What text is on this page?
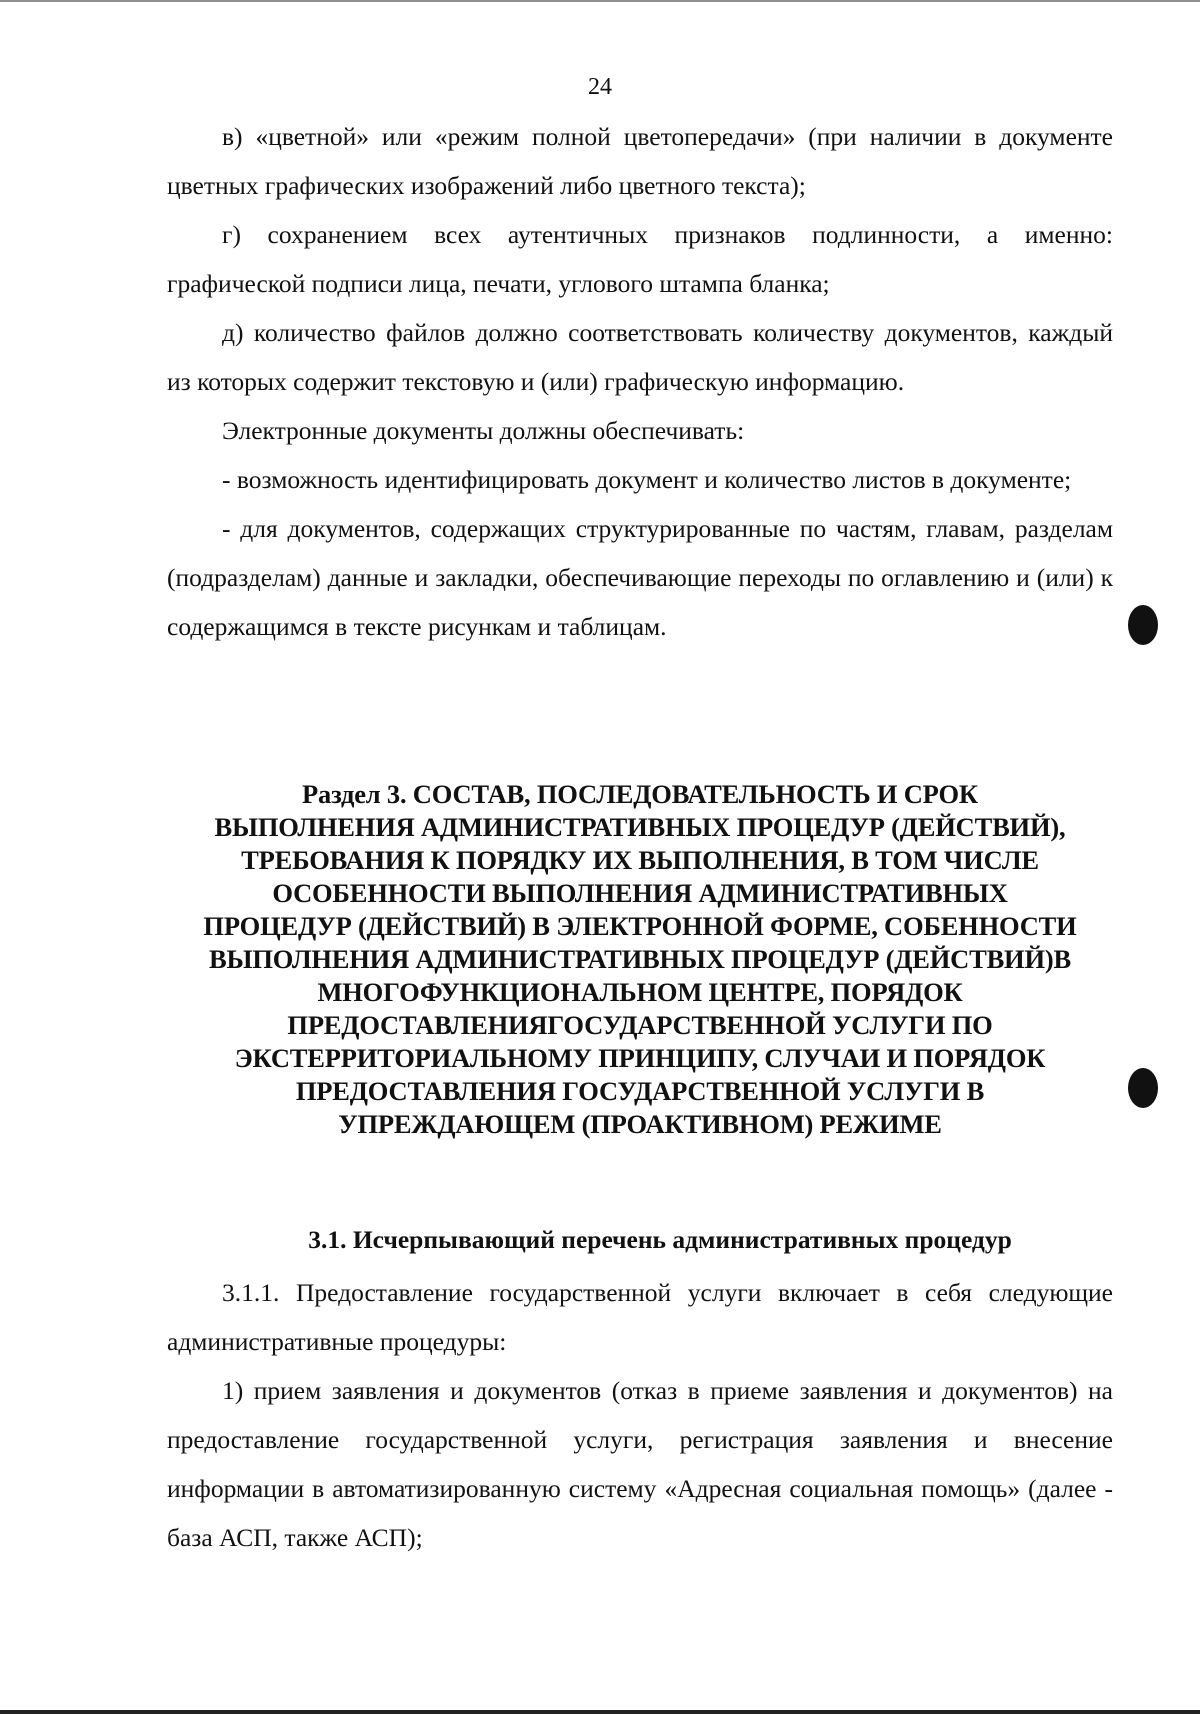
24

в) «цветной» или «режим полной цветопередачи» (при наличии в документе цветных графических изображений либо цветного текста);

г) сохранением всех аутентичных признаков подлинности, а именно: графической подписи лица, печати, углового штампа бланка;

д) количество файлов должно соответствовать количеству документов, каждый из которых содержит текстовую и (или) графическую информацию.

Электронные документы должны обеспечивать:

- возможность идентифицировать документ и количество листов в документе;

- для документов, содержащих структурированные по частям, главам, разделам (подразделам) данные и закладки, обеспечивающие переходы по оглавлению и (или) к содержащимся в тексте рисункам и таблицам.

Раздел 3. СОСТАВ, ПОСЛЕДОВАТЕЛЬНОСТЬ И СРОК
ВЫПОЛНЕНИЯ АДМИНИСТРАТИВНЫХ ПРОЦЕДУР (ДЕЙСТВИЙ),
ТРЕБОВАНИЯ К ПОРЯДКУ ИХ ВЫПОЛНЕНИЯ, В ТОМ ЧИСЛЕ
ОСОБЕННОСТИ ВЫПОЛНЕНИЯ АДМИНИСТРАТИВНЫХ
ПРОЦЕДУР (ДЕЙСТВИЙ) В ЭЛЕКТРОННОЙ ФОРМЕ, СОБЕННОСТИ
ВЫПОЛНЕНИЯ АДМИНИСТРАТИВНЫХ ПРОЦЕДУР (ДЕЙСТВИЙ)В
МНОГОФУНКЦИОНАЛЬНОМ ЦЕНТРЕ, ПОРЯДОК
ПРЕДОСТАВЛЕНИЯГОСУДАРСТВЕННОЙ УСЛУГИ ПО
ЭКСТЕРРИТОРИАЛЬНОМУ ПРИНЦИПУ, СЛУЧАИ И ПОРЯДОК
ПРЕДОСТАВЛЕНИЯ ГОСУДАРСТВЕННОЙ УСЛУГИ В
УПРЕЖДАЮЩЕМ (ПРОАКТИВНОМ) РЕЖИМЕ
3.1. Исчерпывающий перечень административных процедур

3.1.1. Предоставление государственной услуги включает в себя следующие административные процедуры:

1) прием заявления и документов (отказ в приеме заявления и документов) на предоставление государственной услуги, регистрация заявления и внесение информации в автоматизированную систему «Адресная социальная помощь» (далее - база АСП, также АСП);
